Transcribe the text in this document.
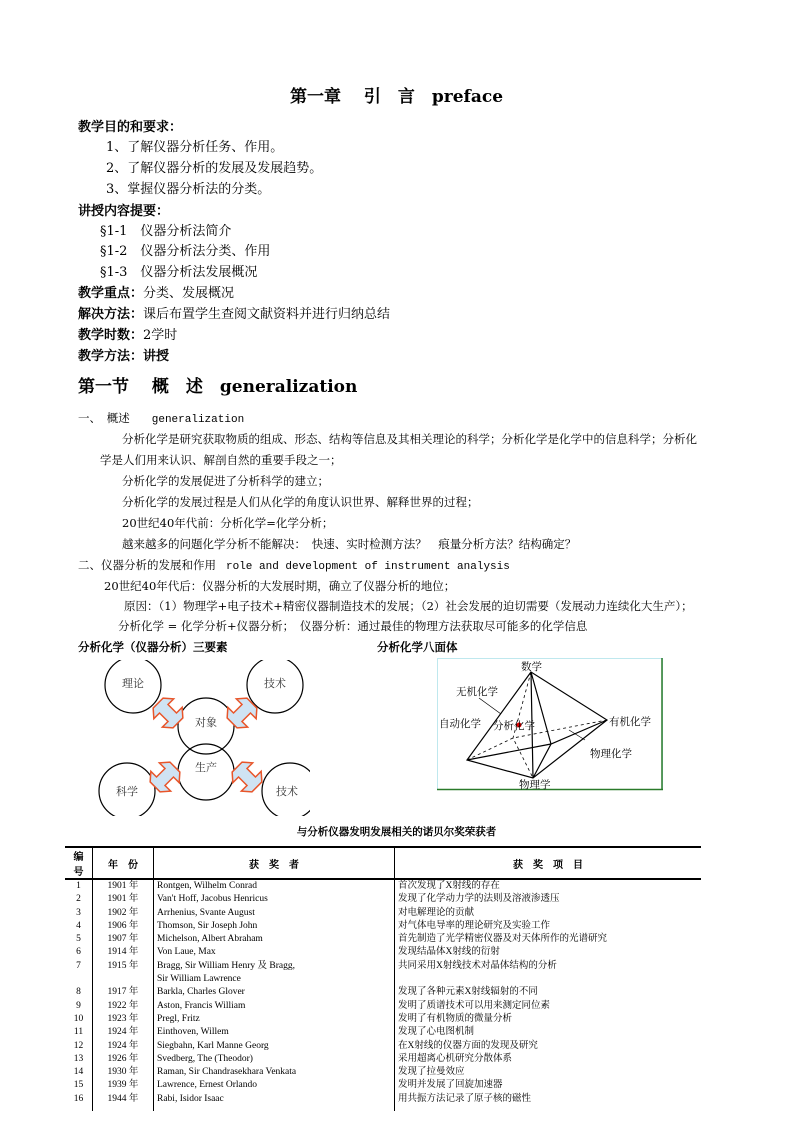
第一章　 引　言　preface
教学目的和要求：
1、了解仪器分析任务、作用。
2、了解仪器分析的发展及发展趋势。
3、掌握仪器分析法的分类。
讲授内容提要：
§1-1　仪器分析法简介
§1-2　仪器分析法分类、作用
§1-3　仪器分析法发展概况
教学重点：分类、发展概况
解决方法：课后布置学生查阅文献资料并进行归纳总结
教学时数：2学时
教学方法：讲授
第一节　 概　述　generalization
一、　概述 generalization
分析化学是研究获取物质的组成、形态、结构等信息及其相关理论的科学；分析化学是化学中的信息科学；分析化
学是人们用来认识、解剖自然的重要手段之一；
分析化学的发展促进了分析科学的建立；
分析化学的发展过程是人们从化学的角度认识世界、解释世界的过程；
20世纪40年代前：分析化学=化学分析；
越来越多的问题化学分析不能解决：　快速、实时检测方法？　痕量分析方法？结构确定？
二、仪器分析的发展和作用 role and development of instrument analysis
20世纪40年代后：仪器分析的大发展时期，确立了仪器分析的地位；
原因：（1）物理学+电子技术+精密仪器制造技术的发展；（2）社会发展的迫切需要（发展动力连续化大生产）；
分析化学 = 化学分析+仪器分析；　仪器分析：通过最佳的物理方法获取尽可能多的化学信息
分析化学（仪器分析）三要素	分析化学八面体
理论	技术
对象
生产
科学	技术
数学
无机化学
自动化学 分析化学	有机化学
物理化学
物理学
与分析仪器发明发展相关的诺贝尔奖荣获者
编 号	年　份	获　奖　者	获　奖　项　目
1	1901 年	Rontgen, Wilhelm Conrad	首次发现了X射线的存在
2	1901 年	Van't Hoff, Jacobus Henricus	发现了化学动力学的法则及溶液渗透压
3	1902 年	Arrhenius, Svante August	对电解理论的贡献
4	1906 年	Thomson, Sir Joseph John	对气体电导率的理论研究及实验工作
5	1907 年	Michelson, Albert Abraham	首先制造了光学精密仪器及对天体所作的光谱研究
6	1914 年	Von Laue, Max	发现结晶体X射线的衍射
7	1915 年	Bragg, Sir William Henry 及 Bragg,	共同采用X射线技术对晶体结构的分析
		Sir William Lawrence	
8	1917 年	Barkla, Charles Glover	发现了各种元素X射线辐射的不同
9	1922 年	Aston, Francis William	发明了质谱技术可以用来测定同位素
10	1923 年	Pregl, Fritz	发明了有机物质的微量分析
11	1924 年	Einthoven, Willem	发现了心电图机制
12	1924 年	Siegbahn, Karl Manne Georg	在X射线的仪器方面的发现及研究
13	1926 年	Svedberg, The (Theodor)	采用超离心机研究分散体系
14	1930 年	Raman, Sir Chandrasekhara Venkata	发现了拉曼效应
15	1939 年	Lawrence, Ernest Orlando	发明并发展了回旋加速器
16	1944 年	Rabi, Isidor Isaac	用共振方法记录了原子核的磁性
